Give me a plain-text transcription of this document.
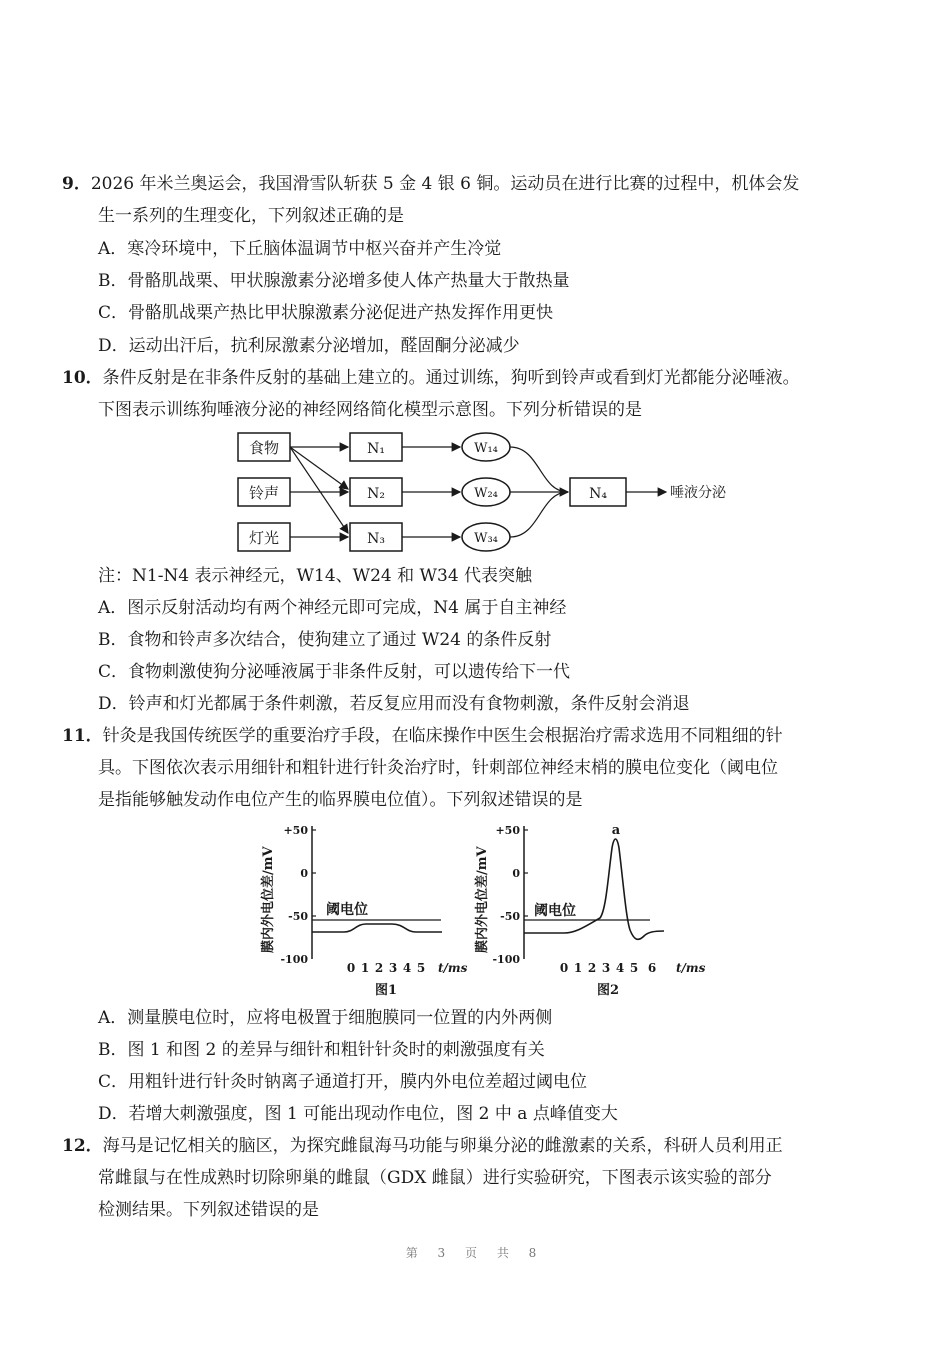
9．2026 年米兰奥运会，我国滑雪队斩获 5 金 4 银 6 铜。运动员在进行比赛的过程中，机体会发
生一系列的生理变化，下列叙述正确的是
A．寒冷环境中，下丘脑体温调节中枢兴奋并产生冷觉
B．骨骼肌战栗、甲状腺激素分泌增多使人体产热量大于散热量
C．骨骼肌战栗产热比甲状腺激素分泌促进产热发挥作用更快
D．运动出汗后，抗利尿激素分泌增加，醛固酮分泌减少
10．条件反射是在非条件反射的基础上建立的。通过训练，狗听到铃声或看到灯光都能分泌唾液。
下图表示训练狗唾液分泌的神经网络简化模型示意图。下列分析错误的是
食物
铃声
灯光
N₁
N₂
N₃
W₁₄
W₂₄
W₃₄
N₄	唾液分泌
注：N1-N4 表示神经元，W14、W24 和 W34 代表突触
A．图示反射活动均有两个神经元即可完成，N4 属于自主神经
B．食物和铃声多次结合，使狗建立了通过 W24 的条件反射
C．食物刺激使狗分泌唾液属于非条件反射，可以遗传给下一代
D．铃声和灯光都属于条件刺激，若反复应用而没有食物刺激，条件反射会消退
11．针灸是我国传统医学的重要治疗手段，在临床操作中医生会根据治疗需求选用不同粗细的针
具。下图依次表示用细针和粗针进行针灸治疗时，针刺部位神经末梢的膜电位变化（阈电位
是指能够触发动作电位产生的临界膜电位值）。下列叙述错误的是
膜内外电位差/mV
+50
0
-50
-100
阈电位
0 1 2 3 4 5 t/ms
图1
膜内外电位差/mV
+50
0
-50
-100
阈电位
a
0 1 2 3 4 5 6 t/ms
图2
A．测量膜电位时，应将电极置于细胞膜同一位置的内外两侧
B．图 1 和图 2 的差异与细针和粗针针灸时的刺激强度有关
C．用粗针进行针灸时钠离子通道打开，膜内外电位差超过阈电位
D．若增大刺激强度，图 1 可能出现动作电位，图 2 中 a 点峰值变大
12．海马是记忆相关的脑区，为探究雌鼠海马功能与卵巢分泌的雌激素的关系，科研人员利用正
常雌鼠与在性成熟时切除卵巢的雌鼠（GDX 雌鼠）进行实验研究，下图表示该实验的部分
检测结果。下列叙述错误的是
第 3 页 共 8
